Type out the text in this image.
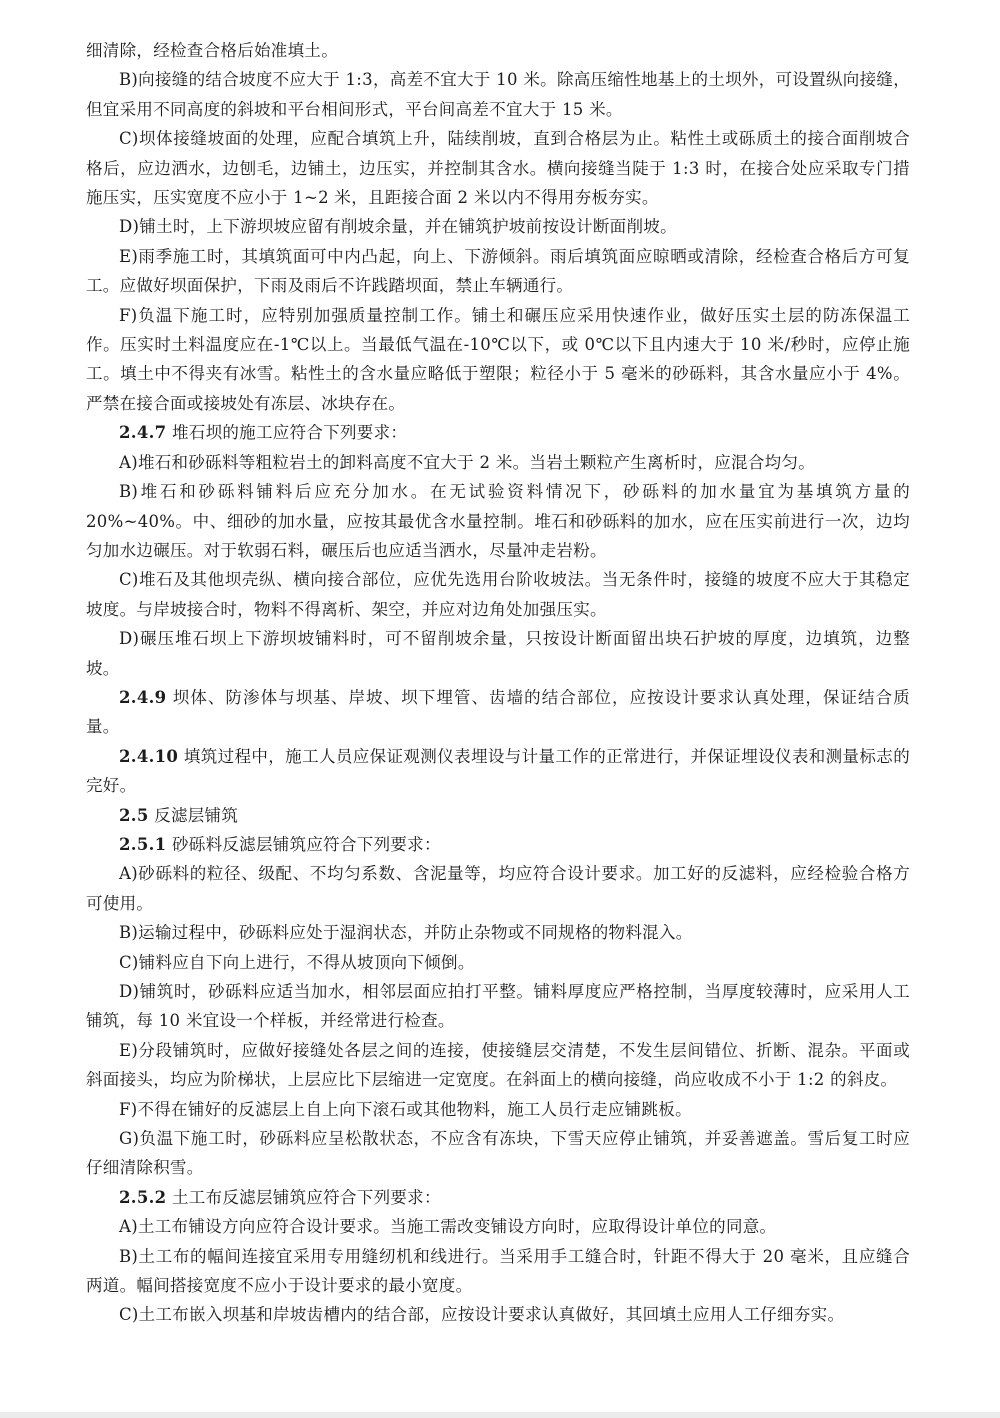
细清除，经检查合格后始准填土。

B)向接缝的结合坡度不应大于 1:3，高差不宜大于 10 米。除高压缩性地基上的土坝外，可设置纵向接缝，但宜采用不同高度的斜坡和平台相间形式，平台间高差不宜大于 15 米。

C)坝体接缝坡面的处理，应配合填筑上升，陆续削坡，直到合格层为止。粘性土或砾质土的接合面削坡合格后，应边洒水，边刨毛，边铺土，边压实，并控制其含水。横向接缝当陡于 1:3 时，在接合处应采取专门措施压实，压实宽度不应小于 1~2 米，且距接合面 2 米以内不得用夯板夯实。

D)铺土时，上下游坝坡应留有削坡余量，并在铺筑护坡前按设计断面削坡。

E)雨季施工时，其填筑面可中内凸起，向上、下游倾斜。雨后填筑面应晾晒或清除，经检查合格后方可复工。应做好坝面保护，下雨及雨后不许践踏坝面，禁止车辆通行。

F)负温下施工时，应特别加强质量控制工作。铺土和碾压应采用快速作业，做好压实土层的防冻保温工作。压实时土料温度应在-1℃以上。当最低气温在-10℃以下，或 0℃以下且内速大于 10 米/秒时，应停止施工。填土中不得夹有冰雪。粘性土的含水量应略低于塑限；粒径小于 5 毫米的砂砾料，其含水量应小于 4%。严禁在接合面或接坡处有冻层、冰块存在。

2.4.7 堆石坝的施工应符合下列要求：

A)堆石和砂砾料等粗粒岩土的卸料高度不宜大于 2 米。当岩土颗粒产生离析时，应混合均匀。

B)堆石和砂砾料铺料后应充分加水。在无试验资料情况下，砂砾料的加水量宜为基填筑方量的 20%~40%。中、细砂的加水量，应按其最优含水量控制。堆石和砂砾料的加水，应在压实前进行一次，边均匀加水边碾压。对于软弱石料，碾压后也应适当洒水，尽量冲走岩粉。

C)堆石及其他坝壳纵、横向接合部位，应优先选用台阶收坡法。当无条件时，接缝的坡度不应大于其稳定坡度。与岸坡接合时，物料不得离析、架空，并应对边角处加强压实。

D)碾压堆石坝上下游坝坡铺料时，可不留削坡余量，只按设计断面留出块石护坡的厚度，边填筑，边整坡。

2.4.9 坝体、防渗体与坝基、岸坡、坝下埋管、齿墙的结合部位，应按设计要求认真处理，保证结合质量。

2.4.10 填筑过程中，施工人员应保证观测仪表埋设与计量工作的正常进行，并保证埋设仪表和测量标志的完好。

2.5 反滤层铺筑

2.5.1 砂砾料反滤层铺筑应符合下列要求：

A)砂砾料的粒径、级配、不均匀系数、含泥量等，均应符合设计要求。加工好的反滤料，应经检验合格方可使用。

B)运输过程中，砂砾料应处于湿润状态，并防止杂物或不同规格的物料混入。

C)铺料应自下向上进行，不得从坡顶向下倾倒。

D)铺筑时，砂砾料应适当加水，相邻层面应拍打平整。铺料厚度应严格控制，当厚度较薄时，应采用人工铺筑，每 10 米宜设一个样板，并经常进行检查。

E)分段铺筑时，应做好接缝处各层之间的连接，使接缝层交清楚，不发生层间错位、折断、混杂。平面或斜面接头，均应为阶梯状，上层应比下层缩进一定宽度。在斜面上的横向接缝，尚应收成不小于 1:2 的斜皮。

F)不得在铺好的反滤层上自上向下滚石或其他物料，施工人员行走应铺跳板。

G)负温下施工时，砂砾料应呈松散状态，不应含有冻块，下雪天应停止铺筑，并妥善遮盖。雪后复工时应仔细清除积雪。

2.5.2 土工布反滤层铺筑应符合下列要求：

A)土工布铺设方向应符合设计要求。当施工需改变铺设方向时，应取得设计单位的同意。

B)土工布的幅间连接宜采用专用缝纫机和线进行。当采用手工缝合时，针距不得大于 20 毫米，且应缝合两道。幅间搭接宽度不应小于设计要求的最小宽度。

C)土工布嵌入坝基和岸坡齿槽内的结合部，应按设计要求认真做好，其回填土应用人工仔细夯实。
